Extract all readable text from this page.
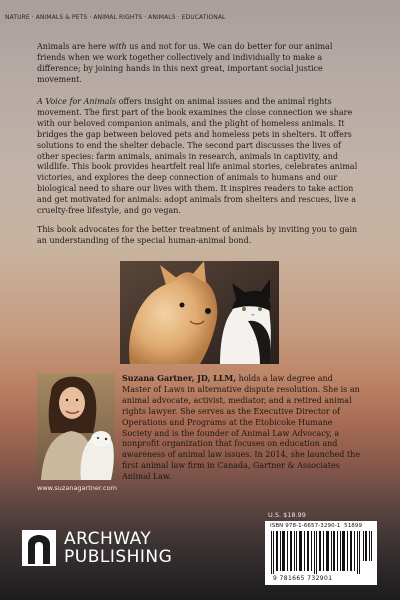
NATURE · ANIMALS & PETS · ANIMAL RIGHTS · ANIMALS · EDUCATIONAL

Animals are here with us and not for us. We can do better for our animal friends when we work together collectively and individually to make a difference; by joining hands in this next great, important social justice movement.

A Voice for Animals offers insight on animal issues and the animal rights movement. The first part of the book examines the close connection we share with our beloved companion animals, and the plight of homeless animals. It bridges the gap between beloved pets and homeless pets in shelters. It offers solutions to end the shelter debacle. The second part discusses the lives of other species: farm animals, animals in research, animals in captivity, and wildlife. This book provides heartfelt real life animal stories, celebrates animal victories, and explores the deep connection of animals to humans and our biological need to share our lives with them. It inspires readers to take action and get motivated for animals: adopt animals from shelters and rescues, live a cruelty-free lifestyle, and go vegan.

This book advocates for the better treatment of animals by inviting you to gain an understanding of the special human-animal bond.

Suzana Gartner, JD, LLM, holds a law degree and Master of Laws in alternative dispute resolution. She is an animal advocate, activist, mediator, and a retired animal rights lawyer. She serves as the Executive Director of Operations and Programs at the Etobicoke Humane Society and is the founder of Animal Law Advocacy, a nonprofit organization that focuses on education and awareness of animal law issues. In 2014, she launched the first animal law firm in Canada, Gartner & Associates Animal Law.

www.suzanagartner.com
ARCHWAY
PUBLISHING
U.S. $18.99
ISBN 978-1-6657-3290-1 51899
9 781665 732901
